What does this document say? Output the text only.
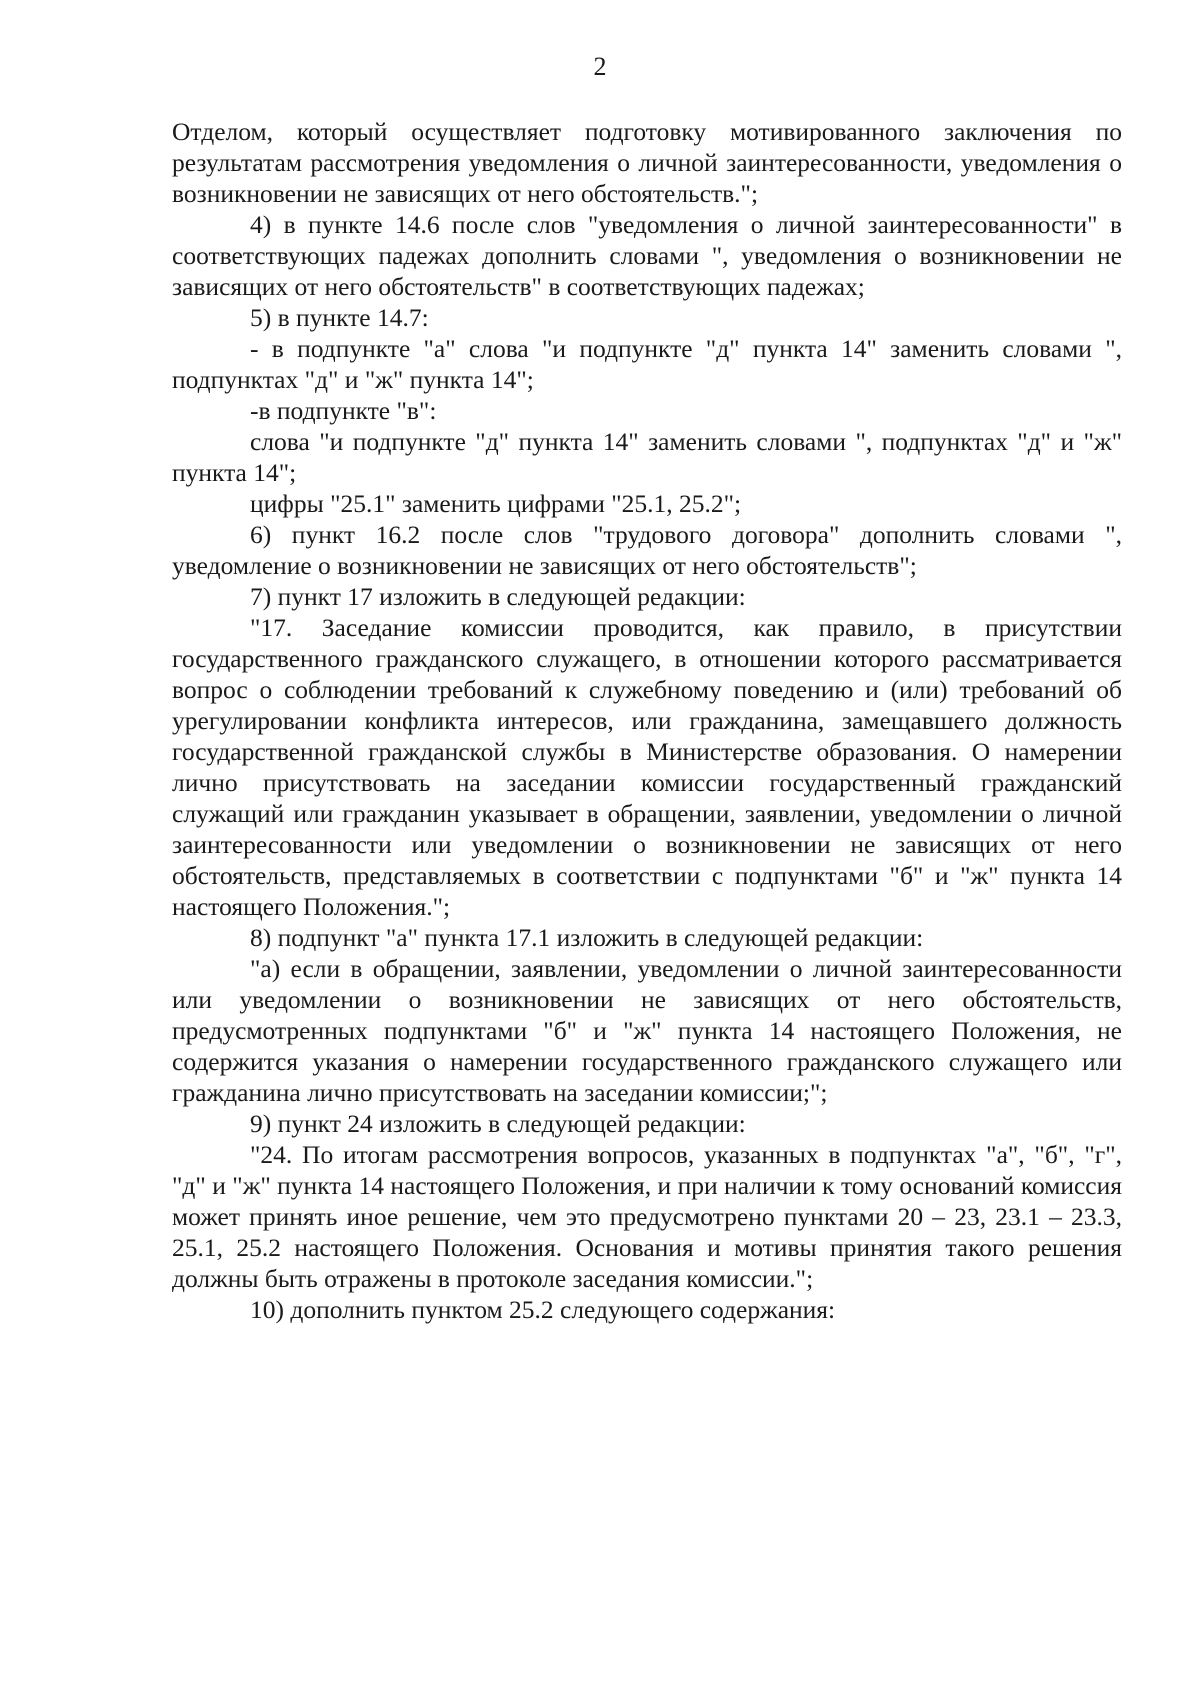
2

Отделом, который осуществляет подготовку мотивированного заключения по результатам рассмотрения уведомления о личной заинтересованности, уведомления о возникновении не зависящих от него обстоятельств.";

4) в пункте 14.6 после слов "уведомления о личной заинтересованности" в соответствующих падежах дополнить словами ", уведомления о возникновении не зависящих от него обстоятельств" в соответствующих падежах;

5) в пункте 14.7:

- в подпункте "а" слова "и подпункте "д" пункта 14" заменить словами ", подпунктах "д" и "ж" пункта 14";

-в подпункте "в":

слова "и подпункте "д" пункта 14" заменить словами ", подпунктах "д" и "ж" пункта 14";

цифры "25.1" заменить цифрами "25.1, 25.2";

6) пункт 16.2 после слов "трудового договора" дополнить словами ", уведомление о возникновении не зависящих от него обстоятельств";

7) пункт 17 изложить в следующей редакции:

"17. Заседание комиссии проводится, как правило, в присутствии государственного гражданского служащего, в отношении которого рассматривается вопрос о соблюдении требований к служебному поведению и (или) требований об урегулировании конфликта интересов, или гражданина, замещавшего должность государственной гражданской службы в Министерстве образования. О намерении лично присутствовать на заседании комиссии государственный гражданский служащий или гражданин указывает в обращении, заявлении, уведомлении о личной заинтересованности или уведомлении о возникновении не зависящих от него обстоятельств, представляемых в соответствии с подпунктами "б" и "ж" пункта 14 настоящего Положения.";

8) подпункт "а" пункта 17.1 изложить в следующей редакции:

"а) если в обращении, заявлении, уведомлении о личной заинтересованности или уведомлении о возникновении не зависящих от него обстоятельств, предусмотренных подпунктами "б" и "ж" пункта 14 настоящего Положения, не содержится указания о намерении государственного гражданского служащего или гражданина лично присутствовать на заседании комиссии;";

9) пункт 24 изложить в следующей редакции:

"24. По итогам рассмотрения вопросов, указанных в подпунктах "а", "б", "г", "д" и "ж" пункта 14 настоящего Положения, и при наличии к тому оснований комиссия может принять иное решение, чем это предусмотрено пунктами 20 – 23, 23.1 – 23.3, 25.1, 25.2 настоящего Положения. Основания и мотивы принятия такого решения должны быть отражены в протоколе заседания комиссии.";

10) дополнить пунктом 25.2 следующего содержания:
